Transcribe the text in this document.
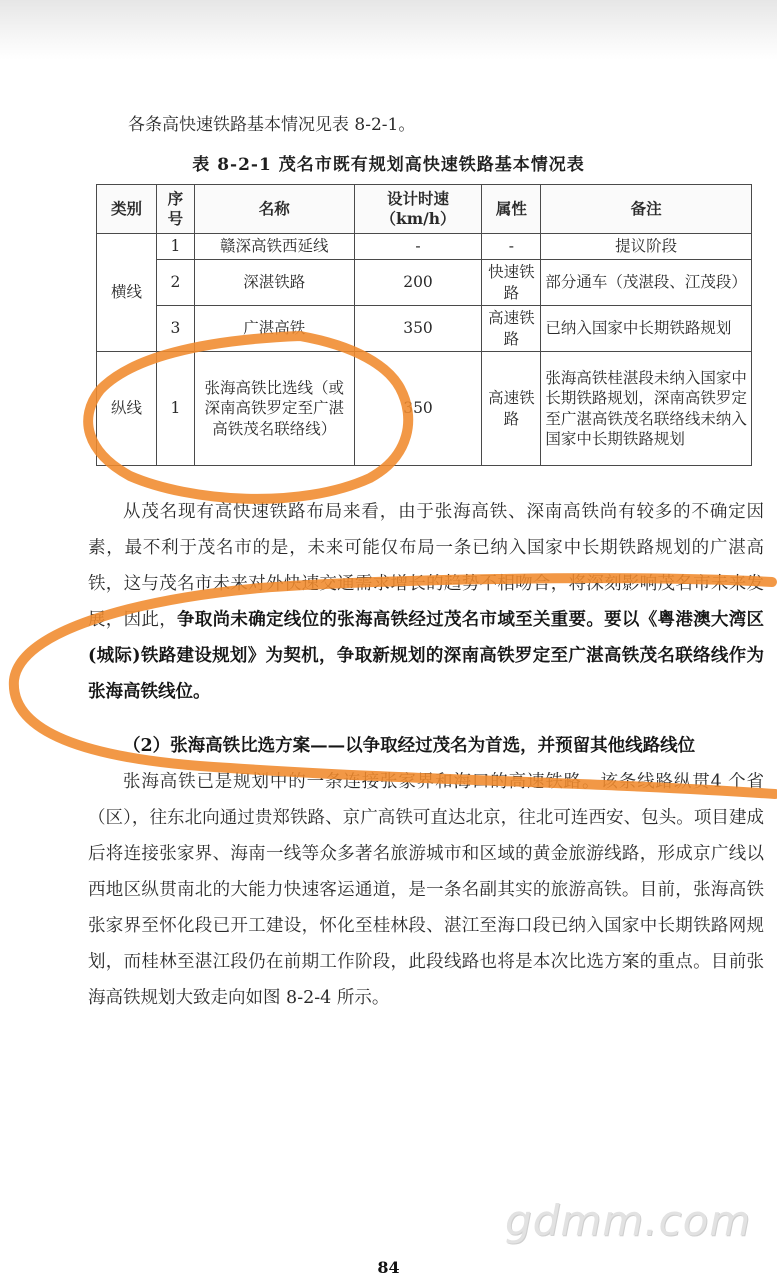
各条高快速铁路基本情况见表 8-2-1。
表 8-2-1 茂名市既有规划高快速铁路基本情况表
类别	序号	名称	设计时速（km/h）	属性	备注
横线	1	赣深高铁西延线	-	-	提议阶段
	2	深湛铁路	200	快速铁路	部分通车（茂湛段、江茂段）
	3	广湛高铁	350	高速铁路	已纳入国家中长期铁路规划
纵线	1	张海高铁比选线（或深南高铁罗定至广湛高铁茂名联络线）	350	高速铁路	张海高铁桂湛段未纳入国家中长期铁路规划，深南高铁罗定至广湛高铁茂名联络线未纳入国家中长期铁路规划

从茂名现有高快速铁路布局来看，由于张海高铁、深南高铁尚有较多的不确定因素，最不利于茂名市的是，未来可能仅布局一条已纳入国家中长期铁路规划的广湛高铁，这与茂名市未来对外快速交通需求增长的趋势不相吻合，将深刻影响茂名市未来发展，因此，争取尚未确定线位的张海高铁经过茂名市域至关重要。要以《粤港澳大湾区(城际)铁路建设规划》为契机，争取新规划的深南高铁罗定至广湛高铁茂名联络线作为张海高铁线位。

（2）张海高铁比选方案——以争取经过茂名为首选，并预留其他线路线位

张海高铁已是规划中的一条连接张家界和海口的高速铁路。该条线路纵贯4 个省（区），往东北向通过贵郑铁路、京广高铁可直达北京，往北可连西安、包头。项目建成后将连接张家界、海南一线等众多著名旅游城市和区域的黄金旅游线路，形成京广线以西地区纵贯南北的大能力快速客运通道，是一条名副其实的旅游高铁。目前，张海高铁张家界至怀化段已开工建设，怀化至桂林段、湛江至海口段已纳入国家中长期铁路网规划，而桂林至湛江段仍在前期工作阶段，此段线路也将是本次比选方案的重点。目前张海高铁规划大致走向如图 8-2-4 所示。

gdmm.com
84
